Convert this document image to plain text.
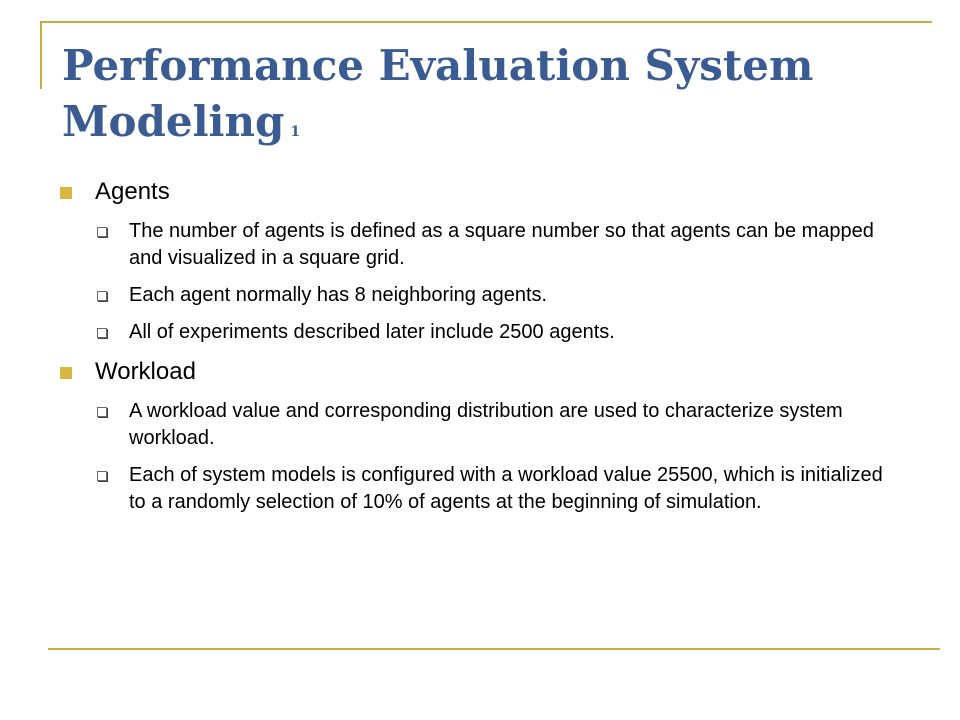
Performance Evaluation System Modeling 1
Agents
The number of agents is defined as a square number so that agents can be mapped and visualized in a square grid.
Each agent normally has 8 neighboring agents.
All of experiments described later include 2500 agents.
Workload
A workload value and corresponding distribution are used to characterize system workload.
Each of system models is configured with a workload value 25500, which is initialized to a randomly selection of 10% of agents at the beginning of simulation.
